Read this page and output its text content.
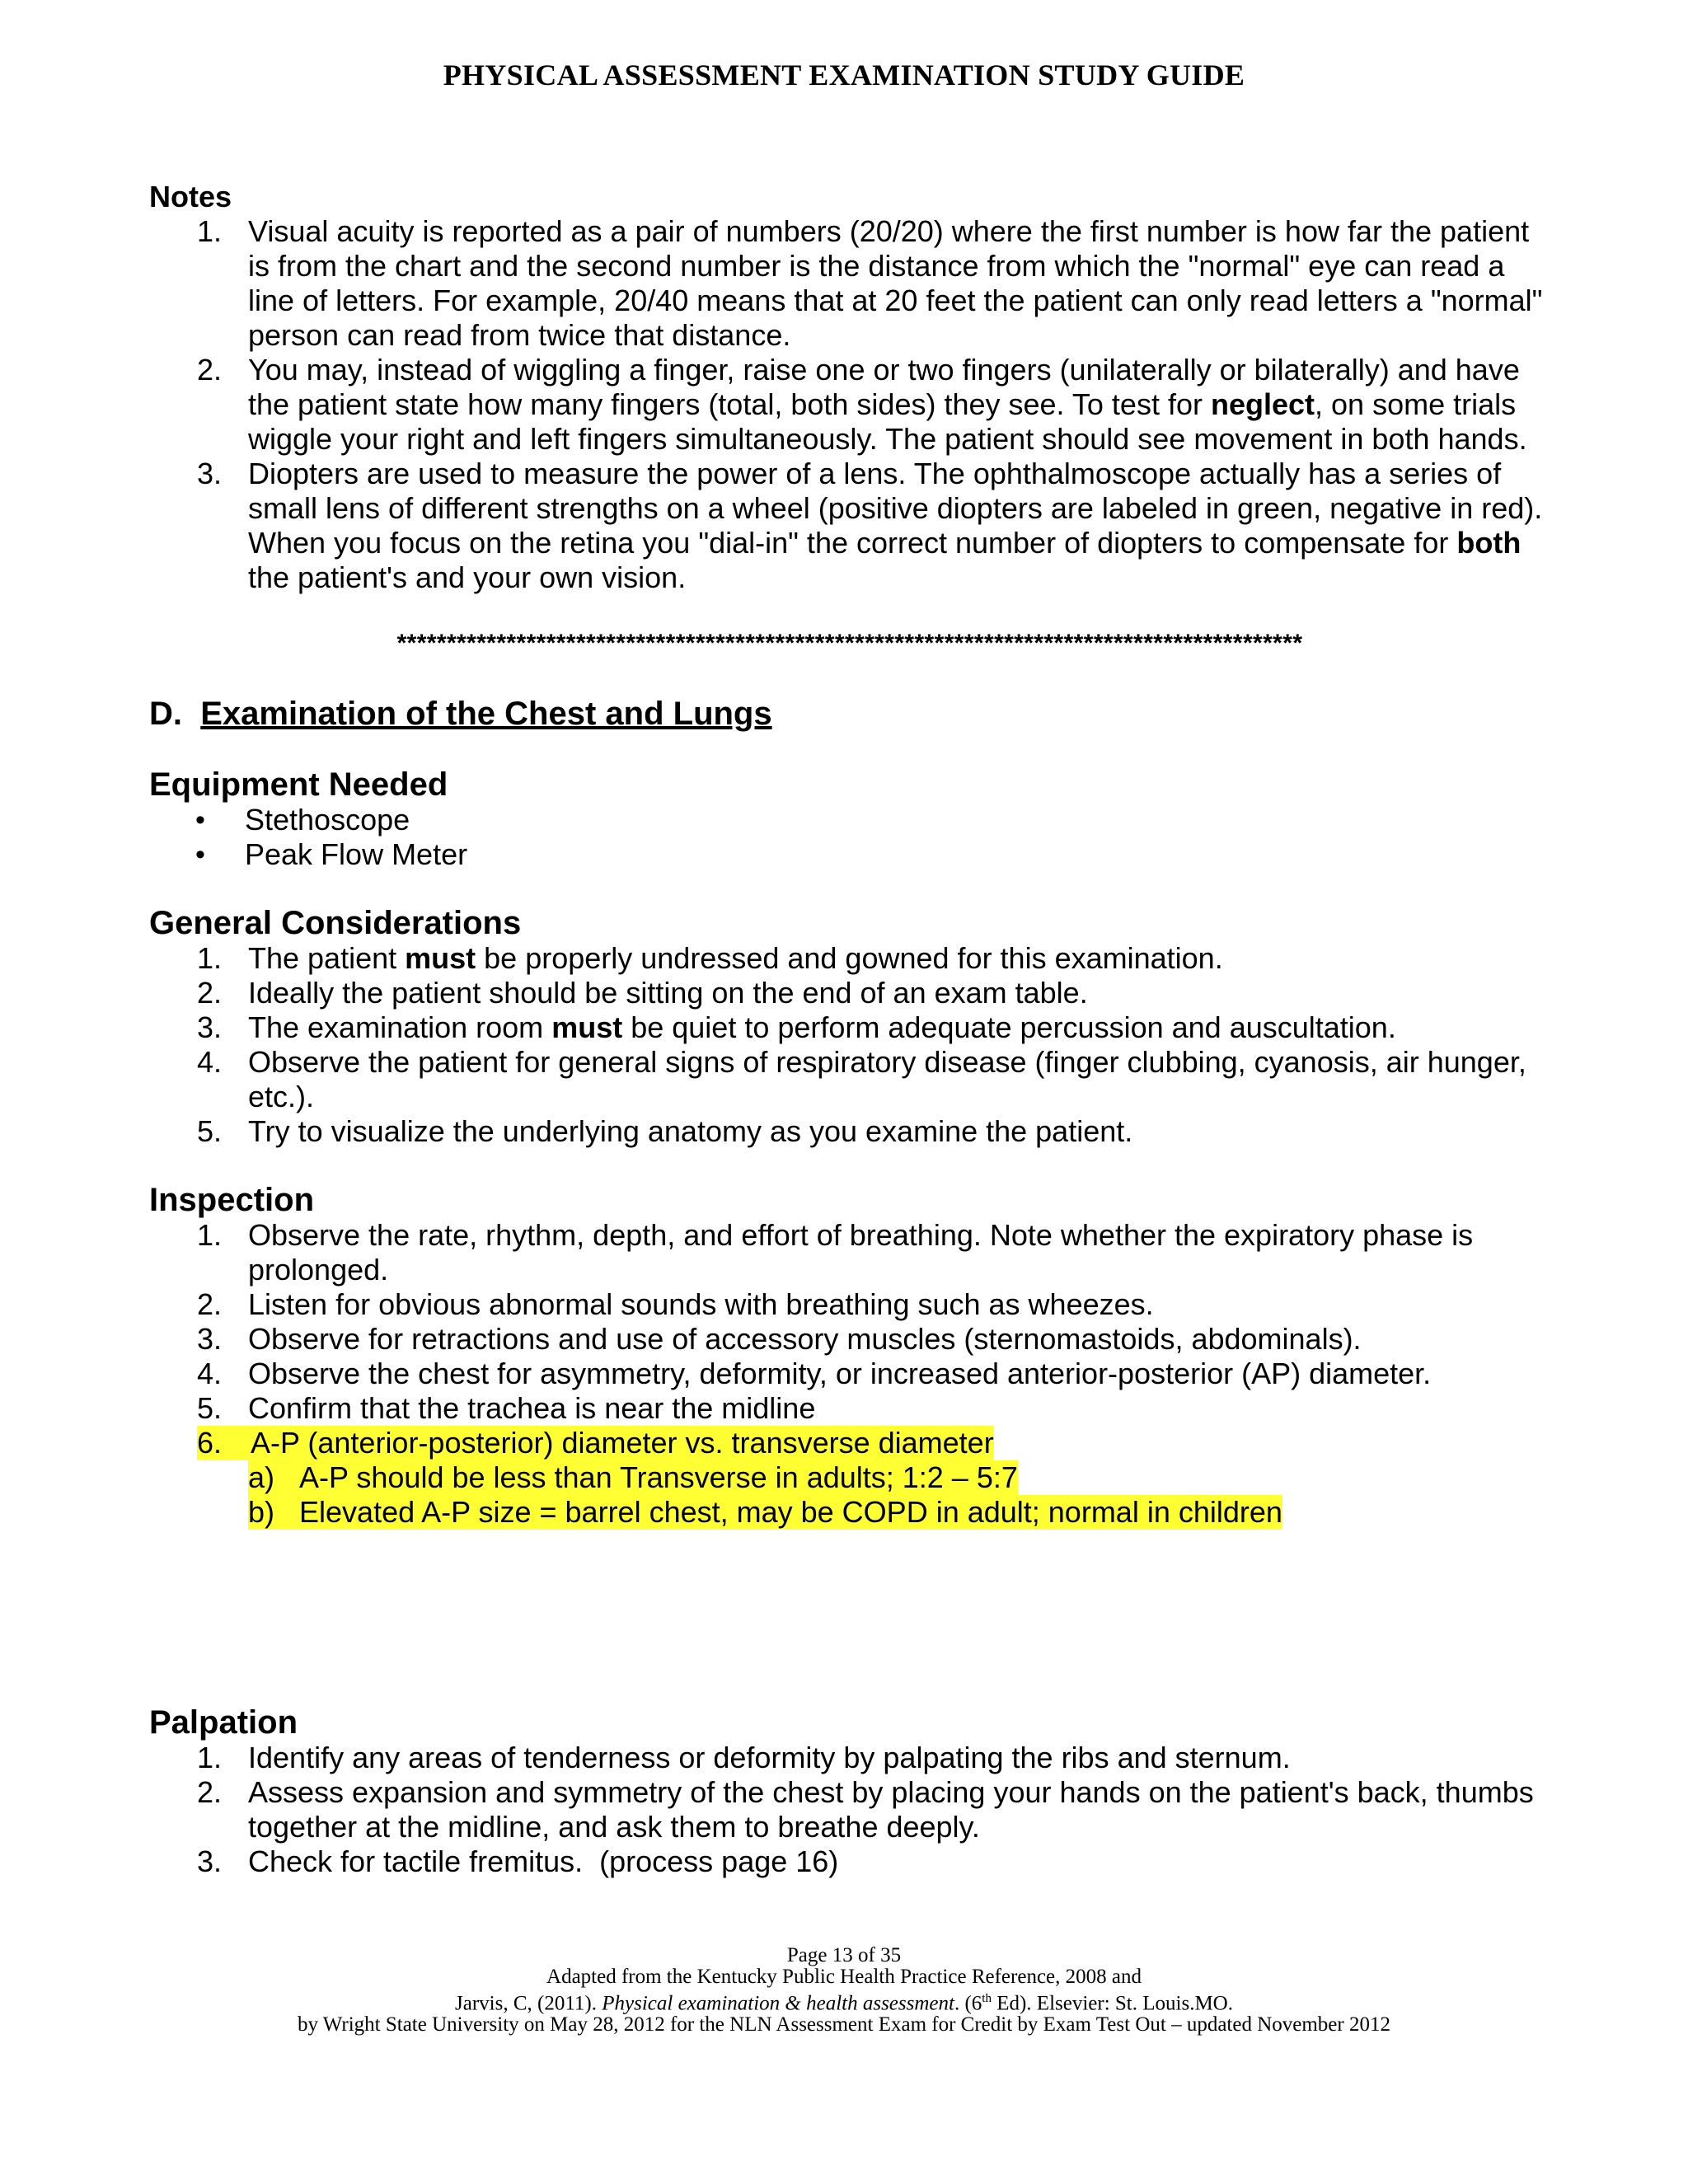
PHYSICAL ASSESSMENT EXAMINATION STUDY GUIDE
Notes
1. Visual acuity is reported as a pair of numbers (20/20) where the first number is how far the patient is from the chart and the second number is the distance from which the "normal" eye can read a line of letters. For example, 20/40 means that at 20 feet the patient can only read letters a "normal" person can read from twice that distance.
2. You may, instead of wiggling a finger, raise one or two fingers (unilaterally or bilaterally) and have the patient state how many fingers (total, both sides) they see. To test for neglect, on some trials wiggle your right and left fingers simultaneously. The patient should see movement in both hands.
3. Diopters are used to measure the power of a lens. The ophthalmoscope actually has a series of small lens of different strengths on a wheel (positive diopters are labeled in green, negative in red). When you focus on the retina you "dial-in" the correct number of diopters to compensate for both the patient's and your own vision.
*******************************************************************************************
D. Examination of the Chest and Lungs
Equipment Needed
• Stethoscope
• Peak Flow Meter
General Considerations
1. The patient must be properly undressed and gowned for this examination.
2. Ideally the patient should be sitting on the end of an exam table.
3. The examination room must be quiet to perform adequate percussion and auscultation.
4. Observe the patient for general signs of respiratory disease (finger clubbing, cyanosis, air hunger, etc.).
5. Try to visualize the underlying anatomy as you examine the patient.
Inspection
1. Observe the rate, rhythm, depth, and effort of breathing. Note whether the expiratory phase is prolonged.
2. Listen for obvious abnormal sounds with breathing such as wheezes.
3. Observe for retractions and use of accessory muscles (sternomastoids, abdominals).
4. Observe the chest for asymmetry, deformity, or increased anterior-posterior (AP) diameter.
5. Confirm that the trachea is near the midline
6. A-P (anterior-posterior) diameter vs. transverse diameter
a) A-P should be less than Transverse in adults; 1:2 – 5:7
b) Elevated A-P size = barrel chest, may be COPD in adult; normal in children
Palpation
1. Identify any areas of tenderness or deformity by palpating the ribs and sternum.
2. Assess expansion and symmetry of the chest by placing your hands on the patient's back, thumbs together at the midline, and ask them to breathe deeply.
3. Check for tactile fremitus.  (process page 16)
Page 13 of 35
Adapted from the Kentucky Public Health Practice Reference, 2008 and
Jarvis, C, (2011). Physical examination & health assessment. (6th Ed). Elsevier: St. Louis.MO.
by Wright State University on May 28, 2012 for the NLN Assessment Exam for Credit by Exam Test Out – updated November 2012
